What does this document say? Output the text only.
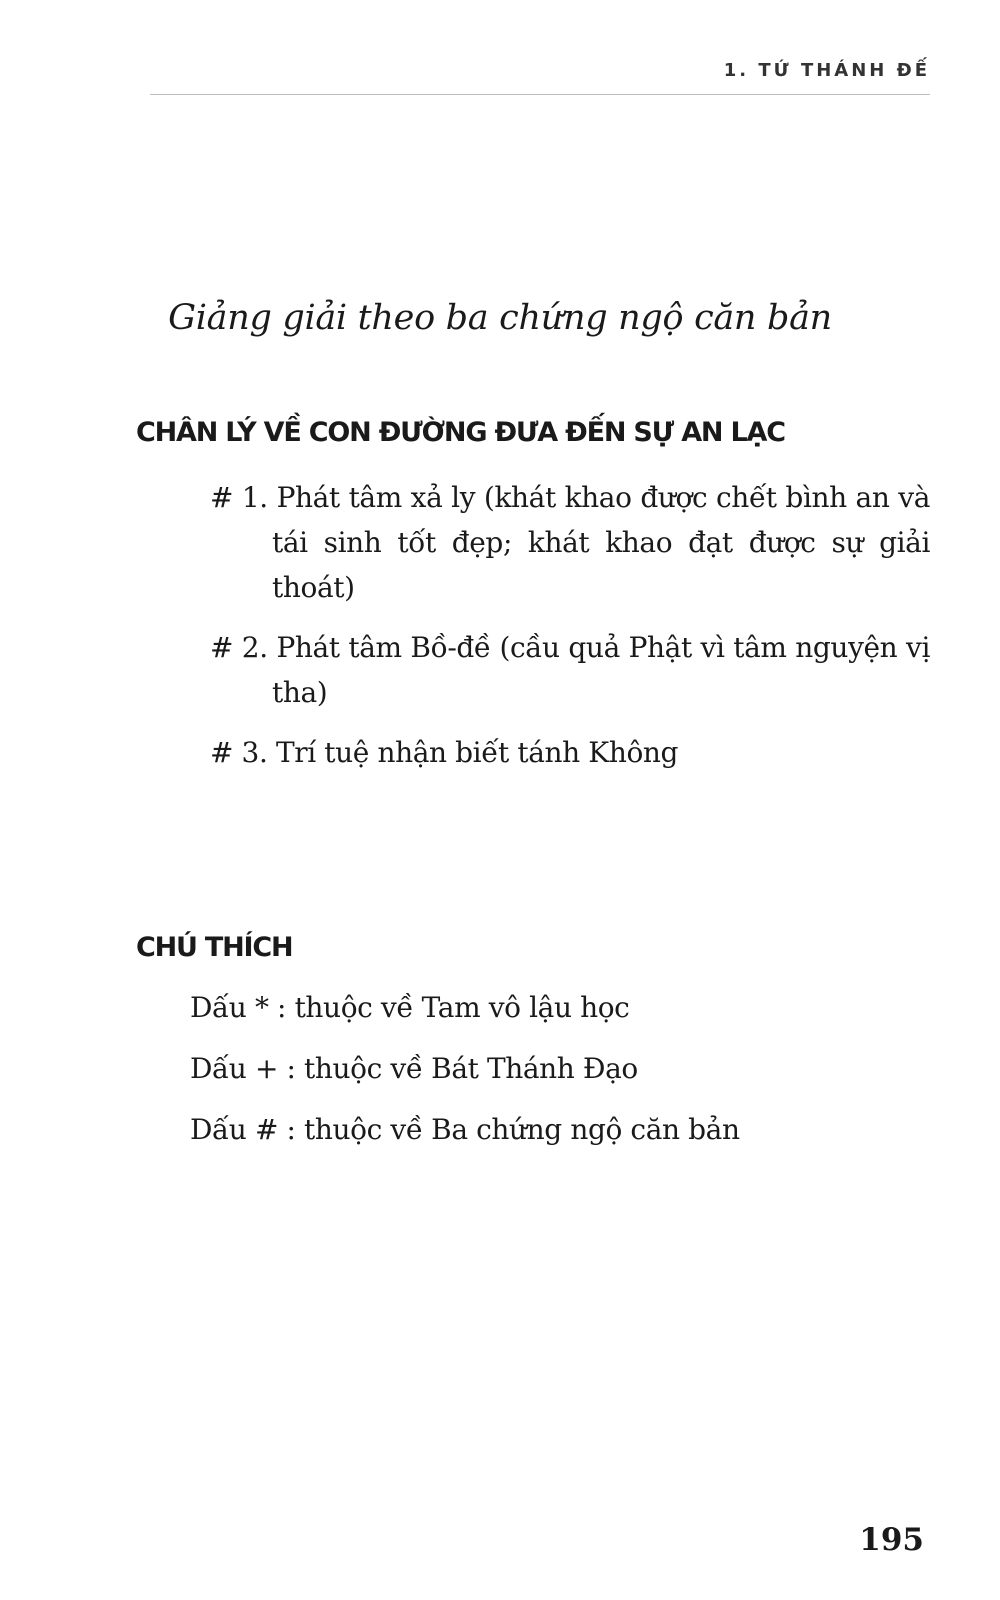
1. TỨ THÁNH ĐẾ
Giảng giải theo ba chứng ngộ căn bản
CHÂN LÝ VỀ CON ĐƯỜNG ĐƯA ĐẾN SỰ AN LẠC
# 1. Phát tâm xả ly (khát khao được chết bình an và tái sinh tốt đẹp; khát khao đạt được sự giải thoát)
# 2. Phát tâm Bồ-đề (cầu quả Phật vì tâm nguyện vị tha)
# 3. Trí tuệ nhận biết tánh Không
CHÚ THÍCH
Dấu * : thuộc về Tam vô lậu học
Dấu + : thuộc về Bát Thánh Đạo
Dấu # : thuộc về Ba chứng ngộ căn bản
195
